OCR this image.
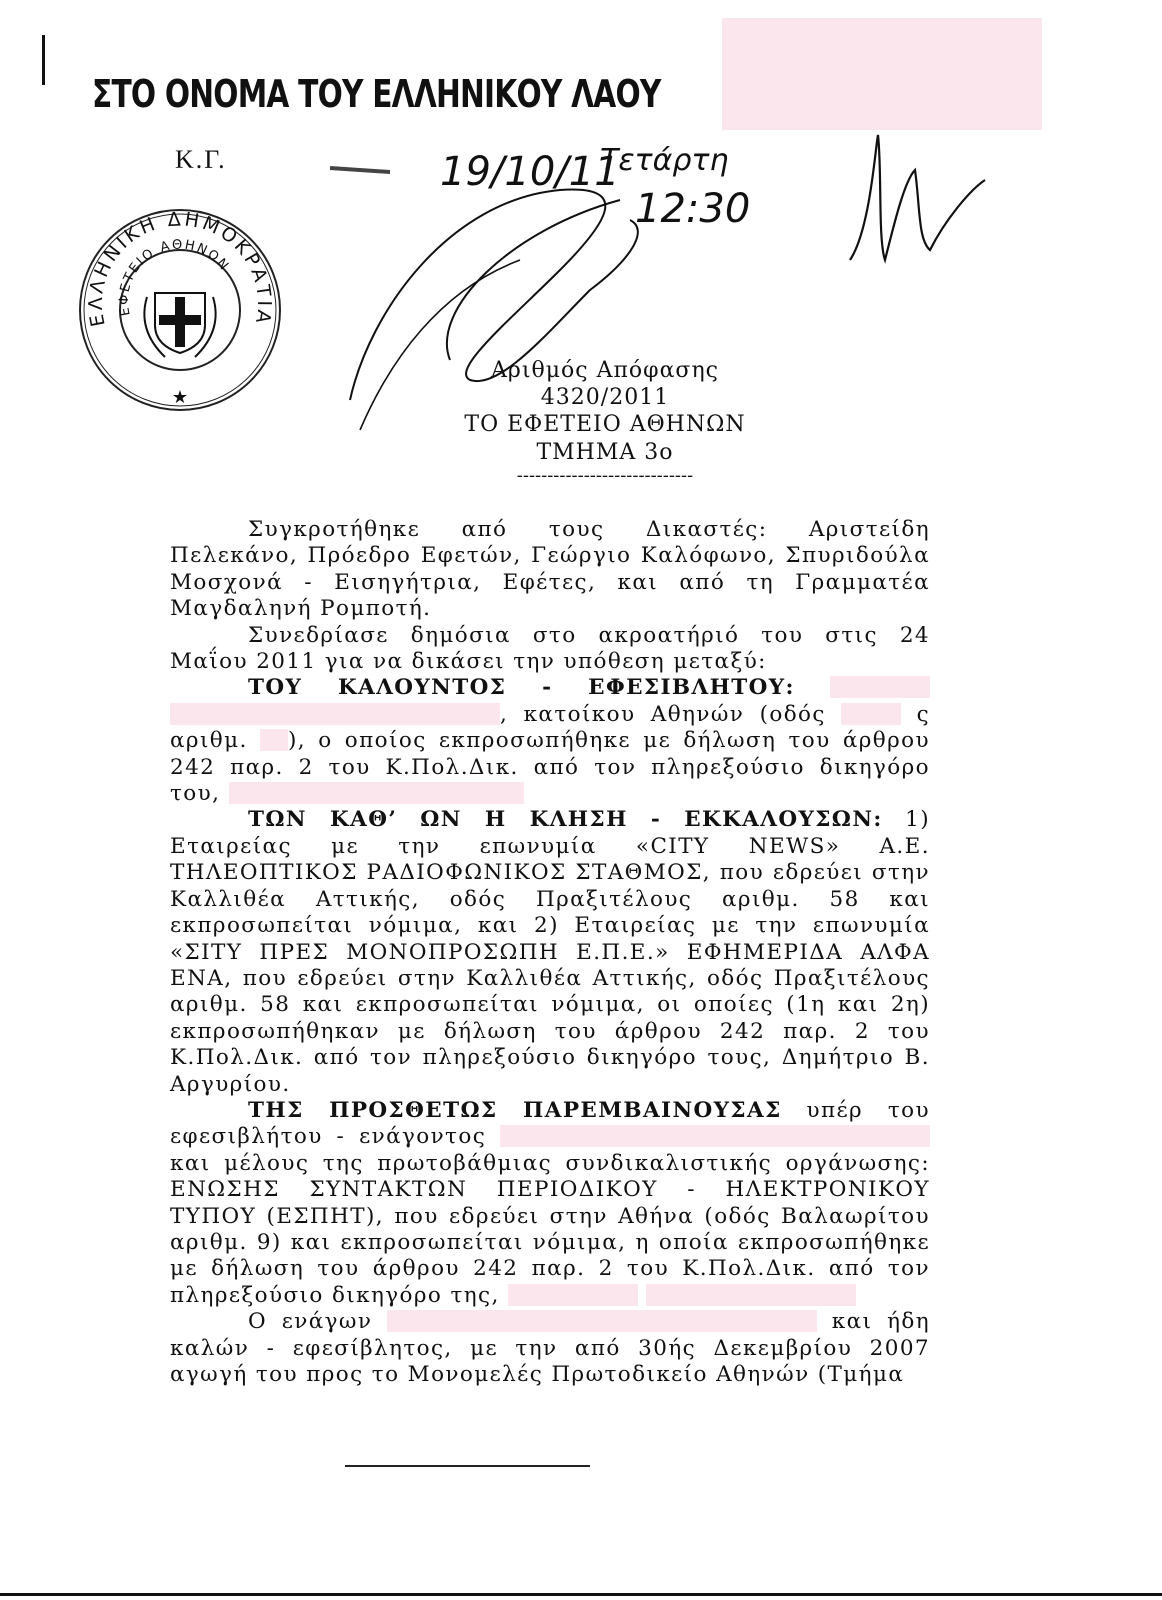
ΣΤΟ ΟΝΟΜΑ ΤΟΥ ΕΛΛΗΝΙΚΟΥ ΛΑΟΥ
Κ.Γ.
ΕΛΛΗΝΙΚΗ ΔΗΜΟΚΡΑΤΙΑ
ΕΦΕΤΕΙΟ ΑΘΗΝΩΝ
★
19/10/11
Τετάρτη
12:30
Αριθμός Απόφασης
4320/2011
ΤΟ ΕΦΕΤΕΙΟ ΑΘΗΝΩΝ
ΤΜΗΜΑ 3ο
-----------------------------

Συγκροτήθηκε από τους Δικαστές: Αριστείδη Πελεκάνο, Πρόεδρο Εφετών, Γεώργιο Καλόφωνο, Σπυριδούλα Μοσχονά - Εισηγήτρια, Εφέτες, και από τη Γραμματέα Μαγδαληνή Ρομποτή.

Συνεδρίασε δημόσια στο ακροατήριό του στις 24 Μαΐου 2011 για να δικάσει την υπόθεση μεταξύ:

ΤΟΥ ΚΑΛΟΥΝΤΟΣ - ΕΦΕΣΙΒΛΗΤΟΥ:  , κατοίκου Αθηνών (οδός	ς αριθμ. ), ο οποίος εκπροσωπήθηκε με δήλωση του άρθρου 242 παρ. 2 του Κ.Πολ.Δικ. από τον πληρεξούσιο δικηγόρο του,

ΤΩΝ ΚΑΘ’ ΩΝ Η ΚΛΗΣΗ - ΕΚΚΑΛΟΥΣΩΝ: 1) Εταιρείας με την επωνυμία «CITY NEWS» Α.Ε. ΤΗΛΕΟΠΤΙΚΟΣ ΡΑΔΙΟΦΩΝΙΚΟΣ ΣΤΑΘΜΟΣ, που εδρεύει στην Καλλιθέα Αττικής, οδός Πραξιτέλους αριθμ. 58 και εκπροσωπείται νόμιμα, και 2) Εταιρείας με την επωνυμία «ΣΙΤΥ ΠΡΕΣ ΜΟΝΟΠΡΟΣΩΠΗ Ε.Π.Ε.» ΕΦΗΜΕΡΙΔΑ ΑΛΦΑ ΕΝΑ, που εδρεύει στην Καλλιθέα Αττικής, οδός Πραξιτέλους αριθμ. 58 και εκπροσωπείται νόμιμα, οι οποίες (1η και 2η) εκπροσωπήθηκαν με δήλωση του άρθρου 242 παρ. 2 του Κ.Πολ.Δικ. από τον πληρεξούσιο δικηγόρο τους, Δημήτριο Β. Αργυρίου.

ΤΗΣ ΠΡΟΣΘΕΤΩΣ ΠΑΡΕΜΒΑΙΝΟΥΣΑΣ υπέρ του εφεσιβλήτου - ενάγοντος  και μέλους της πρωτοβάθμιας συνδικαλιστικής οργάνωσης: ΕΝΩΣΗΣ ΣΥΝΤΑΚΤΩΝ ΠΕΡΙΟΔΙΚΟΥ - ΗΛΕΚΤΡΟΝΙΚΟΥ ΤΥΠΟΥ (ΕΣΠΗΤ), που εδρεύει στην Αθήνα (οδός Βαλαωρίτου αριθμ. 9) και εκπροσωπείται νόμιμα, η οποία εκπροσωπήθηκε με δήλωση του άρθρου 242 παρ. 2 του Κ.Πολ.Δικ. από τον πληρεξούσιο δικηγόρο της,

Ο ενάγων	και ήδη καλών - εφεσίβλητος, με την από 30ής Δεκεμβρίου 2007 αγωγή του προς το Μονομελές Πρωτοδικείο Αθηνών (Τμήμα
